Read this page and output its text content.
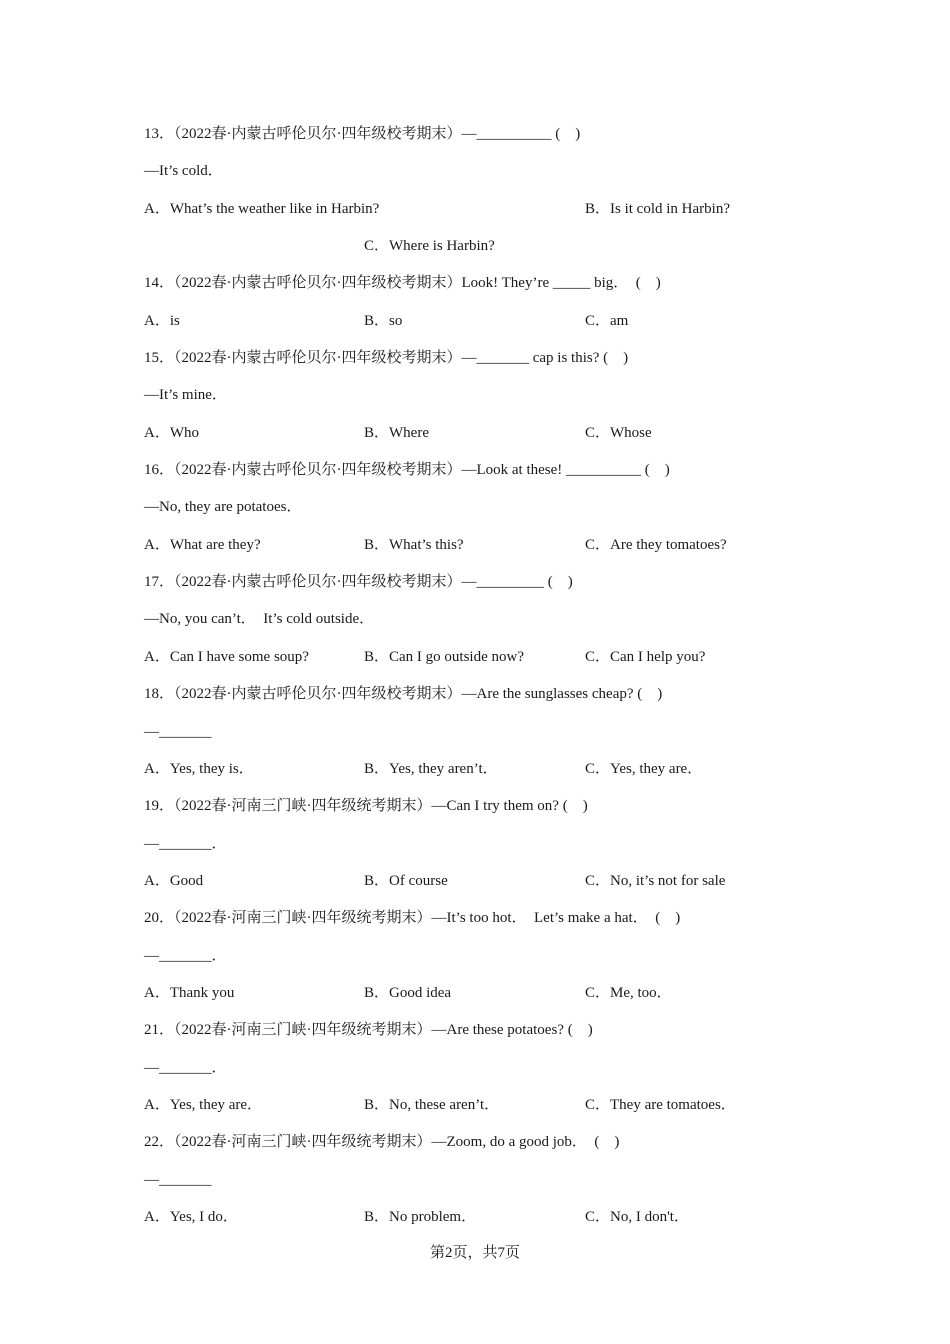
13．（2022春·内蒙古呼伦贝尔·四年级校考期末）—__________ (    )
—It’s cold．
A．What’s the weather like in Harbin?	B．Is it cold in Harbin?
C．Where is Harbin?
14．（2022春·内蒙古呼伦贝尔·四年级校考期末）Look! They’re _____ big．  (    )
A．is	B．so	C．am
15．（2022春·内蒙古呼伦贝尔·四年级校考期末）—_______ cap is this? (    )
—It’s mine．
A．Who	B．Where	C．Whose
16．（2022春·内蒙古呼伦贝尔·四年级校考期末）—Look at these! __________ (    )
—No, they are potatoes．
A．What are they?	B．What’s this?	C．Are they tomatoes?
17．（2022春·内蒙古呼伦贝尔·四年级校考期末）—_________ (    )
—No, you can’t．  It’s cold outside．
A．Can I have some soup?	B．Can I go outside now?	C．Can I help you?
18．（2022春·内蒙古呼伦贝尔·四年级校考期末）—Are the sunglasses cheap? (    )
—_______
A．Yes, they is．	B．Yes, they aren’t．	C．Yes, they are．
19．（2022春·河南三门峡·四年级统考期末）—Can I try them on? (    )
—_______．
A．Good	B．Of course	C．No, it’s not for sale
20．（2022春·河南三门峡·四年级统考期末）—It’s too hot．  Let’s make a hat．  (    )
—_______．
A．Thank you	B．Good idea	C．Me, too．
21．（2022春·河南三门峡·四年级统考期末）—Are these potatoes? (    )
—_______．
A．Yes, they are．	B．No, these aren’t．	C．They are tomatoes．
22．（2022春·河南三门峡·四年级统考期末）—Zoom, do a good job．  (    )
—_______
A．Yes, I do．	B．No problem．	C．No, I don't．
第2页，共7页
